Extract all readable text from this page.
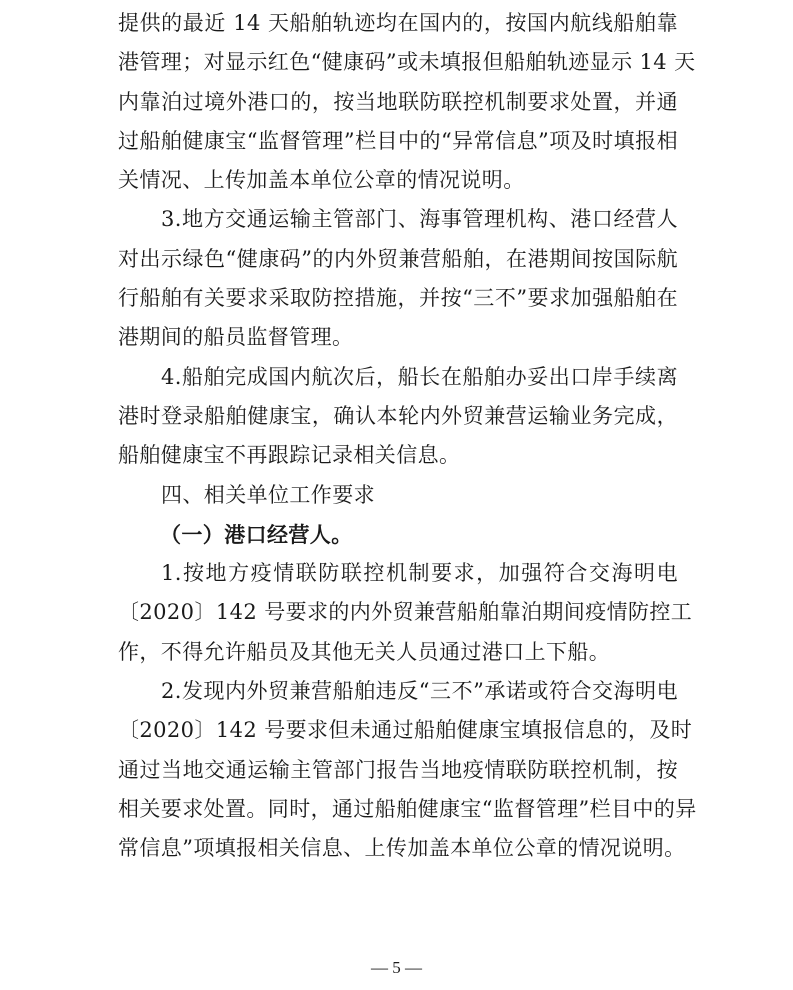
提供的最近 14 天船舶轨迹均在国内的，按国内航线船舶靠
港管理；对显示红色“健康码”或未填报但船舶轨迹显示 14 天
内靠泊过境外港口的，按当地联防联控机制要求处置，并通
过船舶健康宝“监督管理”栏目中的“异常信息”项及时填报相
关情况、上传加盖本单位公章的情况说明。
3.地方交通运输主管部门、海事管理机构、港口经营人
对出示绿色“健康码”的内外贸兼营船舶，在港期间按国际航
行船舶有关要求采取防控措施，并按“三不”要求加强船舶在
港期间的船员监督管理。
4.船舶完成国内航次后，船长在船舶办妥出口岸手续离
港时登录船舶健康宝，确认本轮内外贸兼营运输业务完成，
船舶健康宝不再跟踪记录相关信息。
四、相关单位工作要求
（一）港口经营人。
1.按地方疫情联防联控机制要求，加强符合交海明电
〔2020〕142 号要求的内外贸兼营船舶靠泊期间疫情防控工
作，不得允许船员及其他无关人员通过港口上下船。
2.发现内外贸兼营船舶违反“三不”承诺或符合交海明电
〔2020〕142 号要求但未通过船舶健康宝填报信息的，及时
通过当地交通运输主管部门报告当地疫情联防联控机制，按
相关要求处置。同时，通过船舶健康宝“监督管理”栏目中的异
常信息”项填报相关信息、上传加盖本单位公章的情况说明。
— 5 —
